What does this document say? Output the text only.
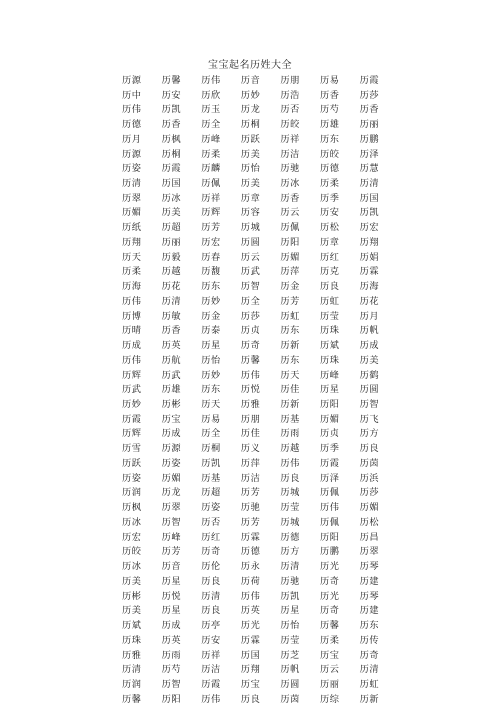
宝宝起名历姓大全
历源	历馨	历伟	历音	历朋	历易	历霞
历中	历安	历欣	历妙	历浩	历香	历莎
历伟	历凯	历玉	历龙	历否	历芍	历香
历德	历香	历全	历桐	历皎	历雄	历丽
历月	历枫	历峰	历跃	历祥	历东	历鹏
历源	历桐	历柔	历美	历洁	历皎	历泽
历姿	历霞	历麟	历怡	历驰	历德	历慧
历清	历国	历佩	历美	历冰	历柔	历清
历翠	历冰	历祥	历章	历香	历季	历国
历媚	历美	历辉	历容	历云	历安	历凯
历纸	历超	历芳	历城	历佩	历松	历宏
历翔	历丽	历宏	历圆	历阳	历章	历翔
历天	历毅	历春	历云	历媚	历红	历娟
历柔	历越	历馥	历武	历萍	历克	历霖
历海	历花	历东	历智	历金	历良	历海
历伟	历清	历妙	历全	历芳	历虹	历花
历博	历敏	历金	历莎	历虹	历莹	历月
历晴	历香	历泰	历贞	历东	历珠	历帆
历成	历英	历星	历奇	历新	历斌	历成
历伟	历航	历怡	历馨	历东	历珠	历美
历辉	历武	历妙	历伟	历天	历峰	历鹤
历武	历雄	历东	历悦	历佳	历星	历圆
历妙	历彬	历天	历雅	历新	历阳	历智
历霞	历宝	历易	历朋	历基	历媚	历飞
历辉	历成	历全	历佳	历雨	历贞	历方
历雪	历源	历桐	历义	历越	历季	历良
历跃	历姿	历凯	历萍	历伟	历霞	历茵
历姿	历媚	历基	历洁	历良	历泽	历浜
历润	历龙	历超	历芳	历城	历佩	历莎
历枫	历翠	历姿	历驰	历莹	历伟	历媚
历冰	历智	历否	历芳	历城	历佩	历松
历宏	历峰	历红	历霖	历德	历阳	历昌
历皎	历芳	历奇	历德	历方	历鹏	历翠
历冰	历音	历伦	历永	历清	历光	历琴
历美	历星	历良	历荷	历驰	历奇	历建
历彬	历悦	历清	历伟	历凯	历光	历琴
历美	历星	历良	历英	历星	历奇	历建
历斌	历成	历亭	历光	历怡	历馨	历东
历珠	历英	历安	历霖	历莹	历柔	历传
历雅	历雨	历祥	历国	历芝	历宝	历奇
历清	历芍	历洁	历翔	历帆	历云	历清
历润	历智	历霞	历宝	历圆	历丽	历虹
历馨	历阳	历伟	历良	历茵	历综	历新
